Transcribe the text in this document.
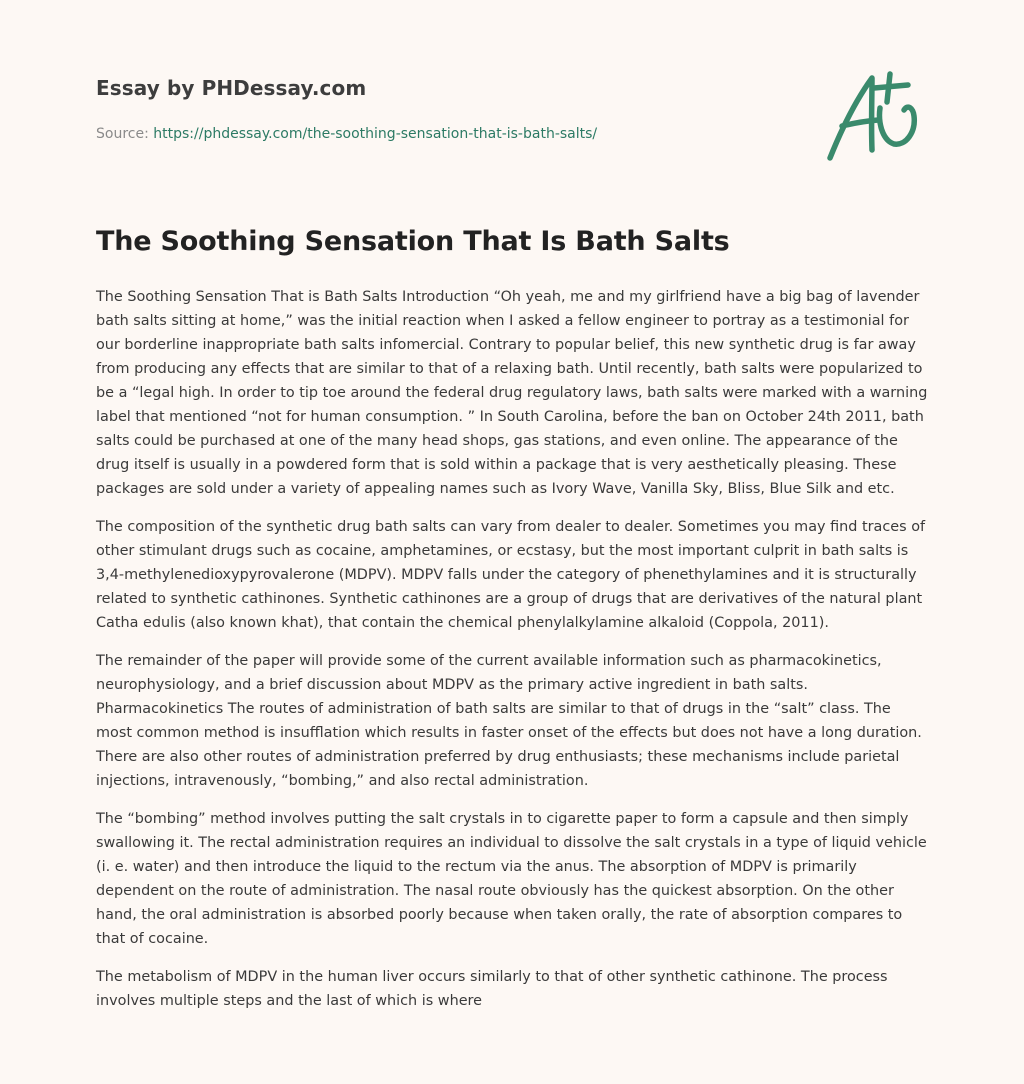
Essay by PHDessay.com
Source: https://phdessay.com/the-soothing-sensation-that-is-bath-salts/
The Soothing Sensation That Is Bath Salts

The Soothing Sensation That is Bath Salts Introduction “Oh yeah, me and my girlfriend have a big bag of lavender bath salts sitting at home,” was the initial reaction when I asked a fellow engineer to portray as a testimonial for our borderline inappropriate bath salts infomercial. Contrary to popular belief, this new synthetic drug is far away from producing any effects that are similar to that of a relaxing bath. Until recently, bath salts were popularized to be a “legal high. In order to tip toe around the federal drug regulatory laws, bath salts were marked with a warning label that mentioned “not for human consumption. ” In South Carolina, before the ban on October 24th 2011, bath salts could be purchased at one of the many head shops, gas stations, and even online. The appearance of the drug itself is usually in a powdered form that is sold within a package that is very aesthetically pleasing. These packages are sold under a variety of appealing names such as Ivory Wave, Vanilla Sky, Bliss, Blue Silk and etc.

The composition of the synthetic drug bath salts can vary from dealer to dealer. Sometimes you may find traces of other stimulant drugs such as cocaine, amphetamines, or ecstasy, but the most important culprit in bath salts is 3,4-methylenedioxypyrovalerone (MDPV). MDPV falls under the category of phenethylamines and it is structurally related to synthetic cathinones. Synthetic cathinones are a group of drugs that are derivatives of the natural plant Catha edulis (also known khat), that contain the chemical phenylalkylamine alkaloid (Coppola, 2011).

The remainder of the paper will provide some of the current available information such as pharmacokinetics, neurophysiology, and a brief discussion about MDPV as the primary active ingredient in bath salts. Pharmacokinetics The routes of administration of bath salts are similar to that of drugs in the “salt” class. The most common method is insufflation which results in faster onset of the effects but does not have a long duration. There are also other routes of administration preferred by drug enthusiasts; these mechanisms include parietal injections, intravenously, “bombing,” and also rectal administration.

The “bombing” method involves putting the salt crystals in to cigarette paper to form a capsule and then simply swallowing it. The rectal administration requires an individual to dissolve the salt crystals in a type of liquid vehicle (i. e. water) and then introduce the liquid to the rectum via the anus. The absorption of MDPV is primarily dependent on the route of administration. The nasal route obviously has the quickest absorption. On the other hand, the oral administration is absorbed poorly because when taken orally, the rate of absorption compares to that of cocaine.

The metabolism of MDPV in the human liver occurs similarly to that of other synthetic cathinone. The process involves multiple steps and the last of which is where
